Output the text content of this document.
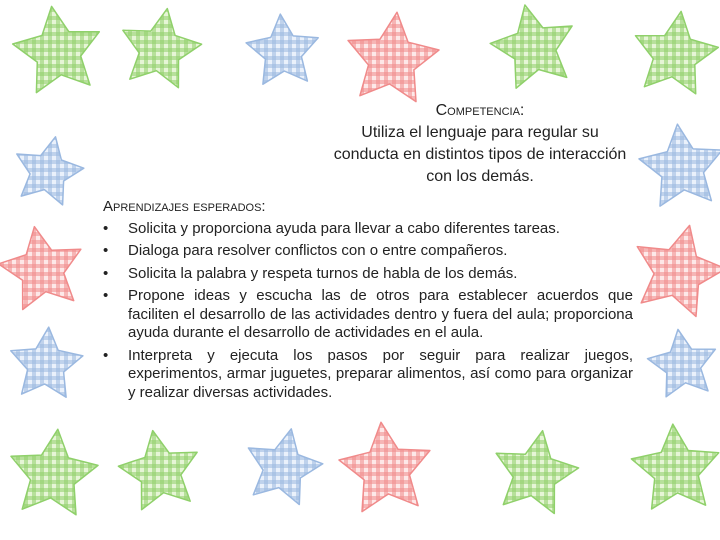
Competencia:
Utiliza el lenguaje para regular su conducta en distintos tipos de interacción con los demás.
Aprendizajes esperados:
• Solicita y proporciona ayuda para llevar a cabo diferentes tareas.
• Dialoga para resolver conflictos con o entre compañeros.
• Solicita la palabra y respeta turnos de habla de los demás.
• Propone ideas y escucha las de otros para establecer acuerdos que faciliten el desarrollo de las actividades dentro y fuera del aula; proporciona ayuda durante el desarrollo de actividades en el aula.
• Interpreta y ejecuta los pasos por seguir para realizar juegos, experimentos, armar juguetes, preparar alimentos, así como para organizar y realizar diversas actividades.
